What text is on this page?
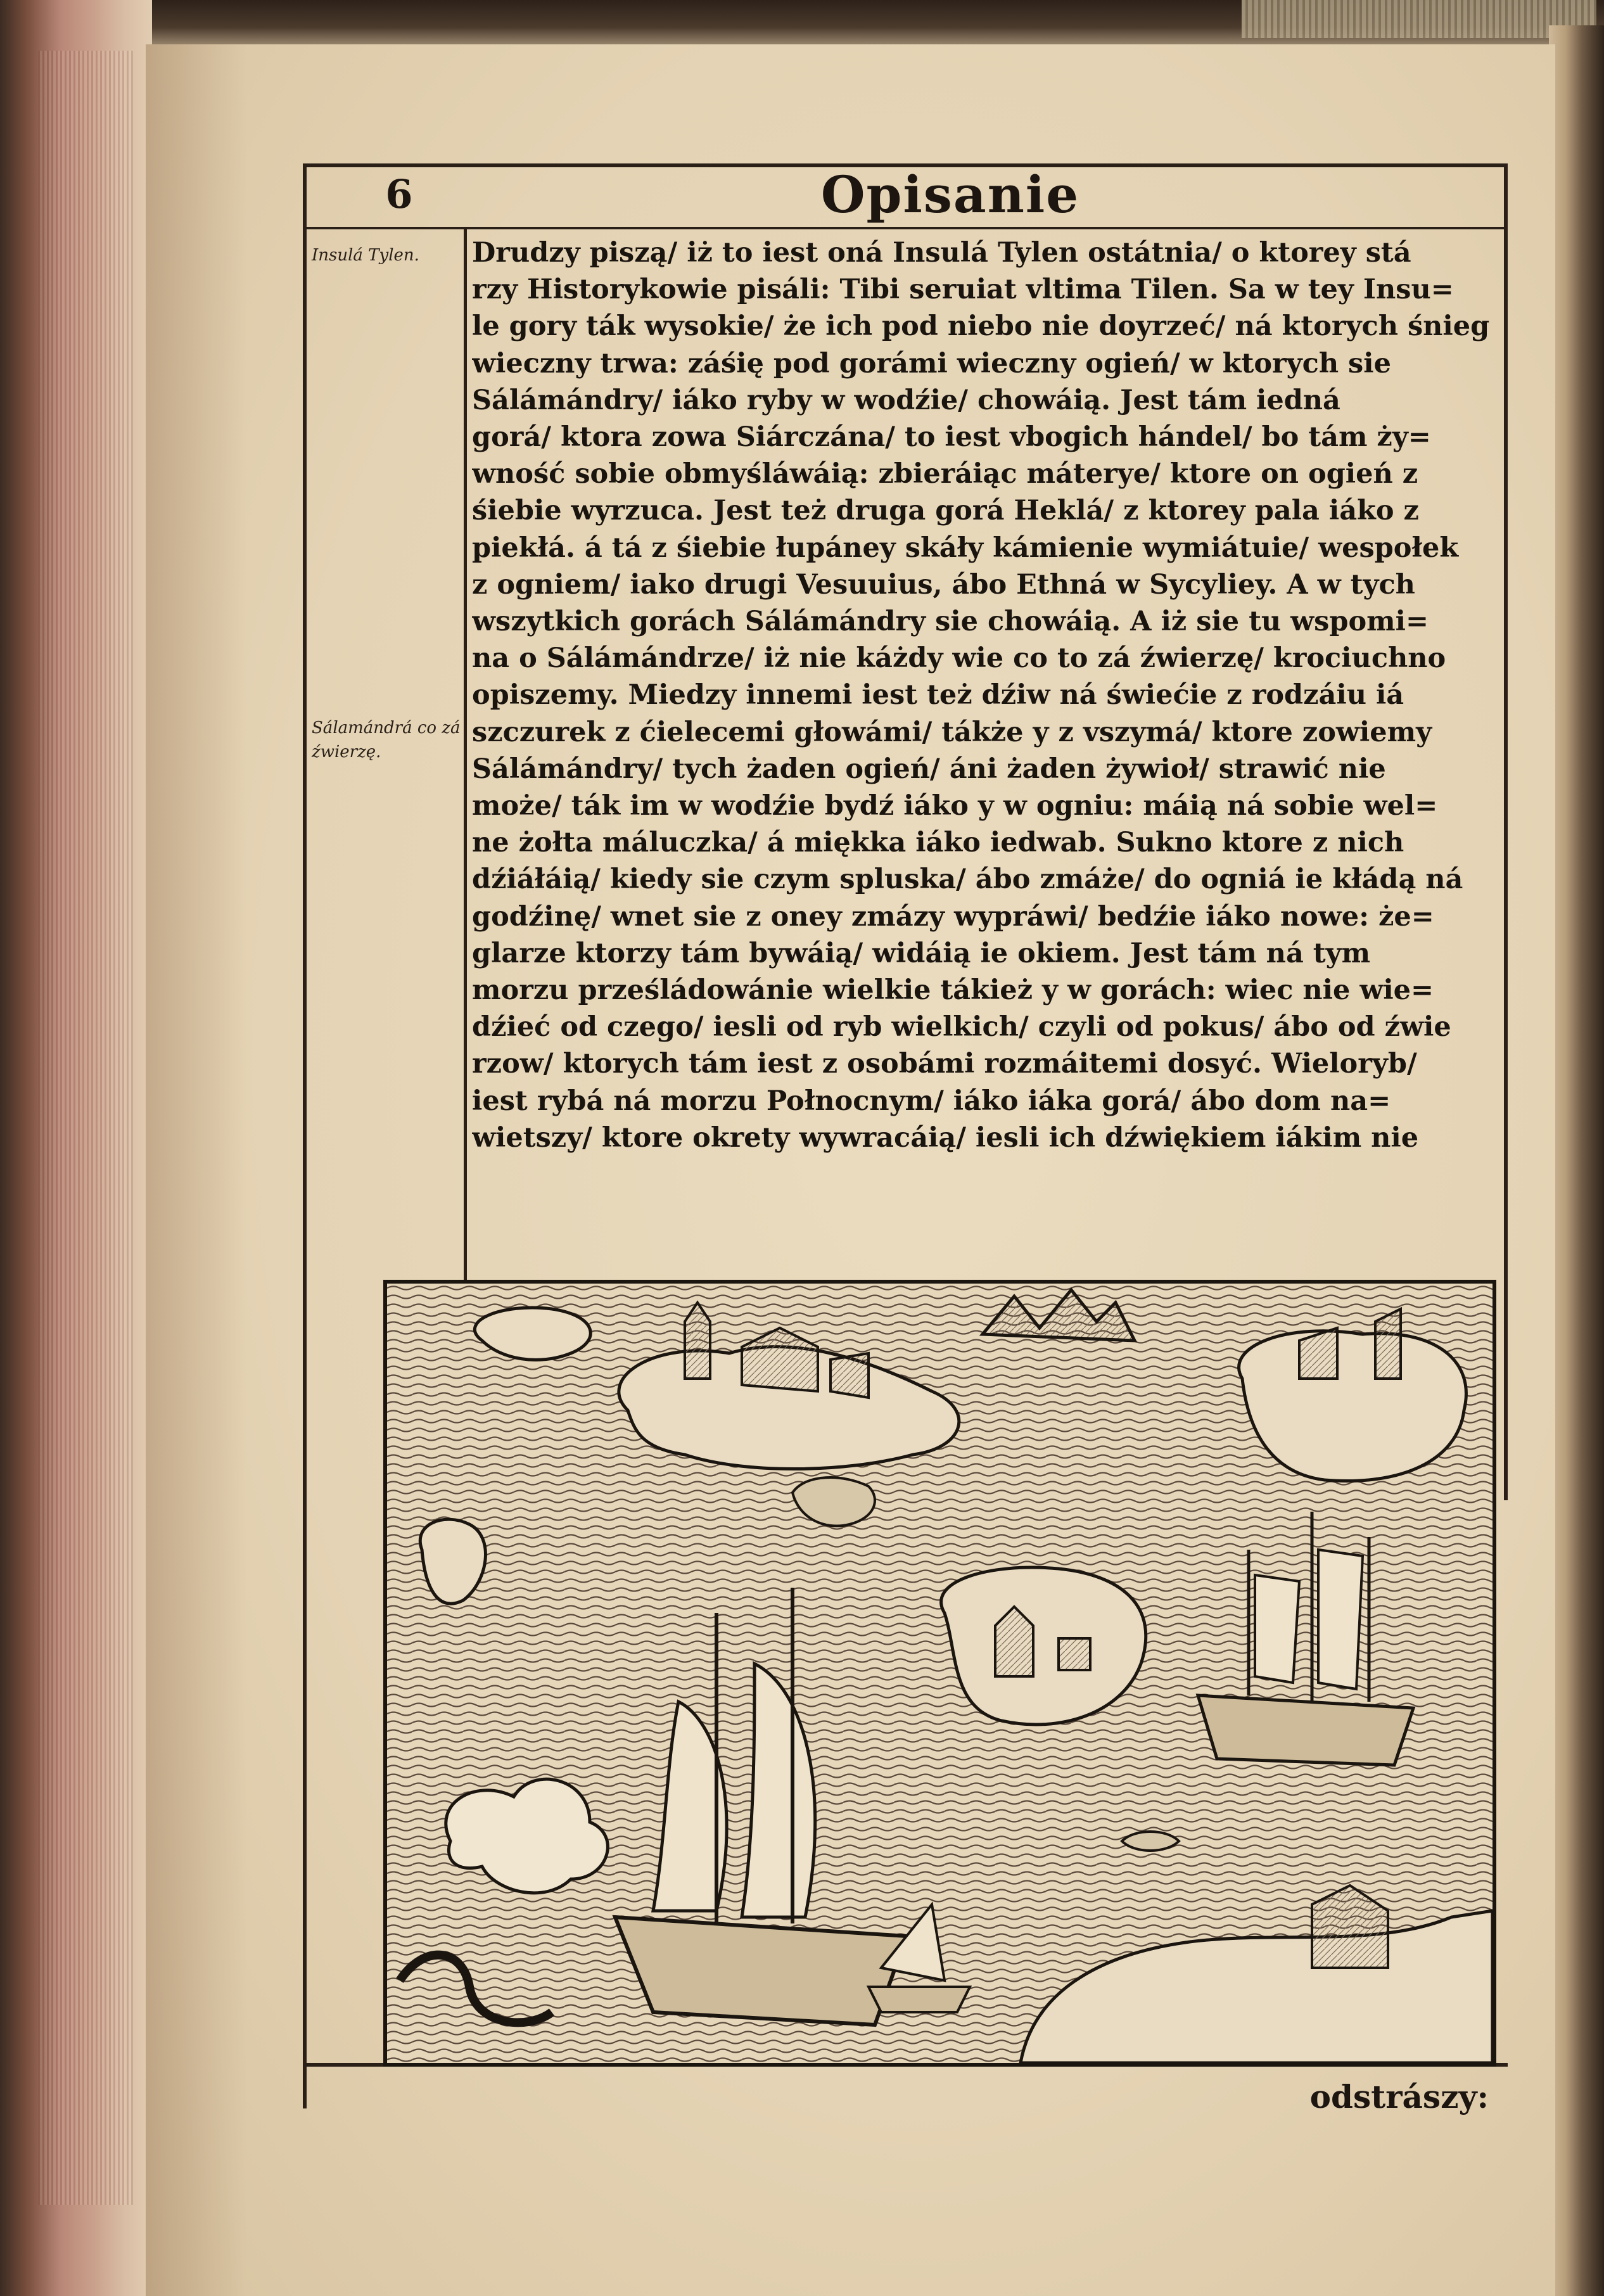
6	Opisanie
Insulá Tylen.
Sálamándrá co zá źwierzę.
Drudzy piszą/ iż to iest oná Insulá Tylen ostátnia/ o ktorey stá
rzy Historykowie pisáli: Tibi seruiat vltima Tilen. Sa w tey Insu=
le gory ták wysokie/ że ich pod niebo nie doyrzeć/ ná ktorych śnieg
wieczny trwa: záśię pod gorámi wieczny ogień/ w ktorych sie
Sálámándry/ iáko ryby w wodźie/ chowáią. Jest tám iedná
gorá/ ktora zowa Siárczána/ to iest vbogich hándel/ bo tám ży=
wność sobie obmyśláwáią: zbieráiąc máterye/ ktore on ogień z
śiebie wyrzuca. Jest też druga gorá Heklá/ z ktorey pala iáko z
piekłá. á tá z śiebie łupáney skáły kámienie wymiátuie/ wespołek
z ogniem/ iako drugi Vesuuius, ábo Ethná w Sycyliey. A w tych
wszytkich gorách Sálámándry sie chowáią. A iż sie tu wspomi=
na o Sálámándrze/ iż nie káżdy wie co to zá źwierzę/ krociuchno
opiszemy. Miedzy innemi iest też dźiw ná świećie z rodzáiu iá
szczurek z ćielecemi głowámi/ tákże y z vszymá/ ktore zowiemy
Sálámándry/ tych żaden ogień/ áni żaden żywioł/ strawić nie
może/ ták im w wodźie bydź iáko y w ogniu: máią ná sobie wel=
ne żołta máluczka/ á miękka iáko iedwab. Sukno ktore z nich
dźiáłáią/ kiedy sie czym spluska/ ábo zmáże/ do ogniá ie kłádą ná
godźinę/ wnet sie z oney zmázy wypráwi/ bedźie iáko nowe: że=
glarze ktorzy tám bywáią/ widáią ie okiem. Jest tám ná tym
morzu prześládowánie wielkie tákież y w gorách: wiec nie wie=
dźieć od czego/ iesli od ryb wielkich/ czyli od pokus/ ábo od źwie
rzow/ ktorych tám iest z osobámi rozmáitemi dosyć. Wieloryb/
iest rybá ná morzu Połnocnym/ iáko iáka gorá/ ábo dom na=
wietszy/ ktore okrety wywracáią/ iesli ich dźwiękiem iákim nie
odstrászy:
